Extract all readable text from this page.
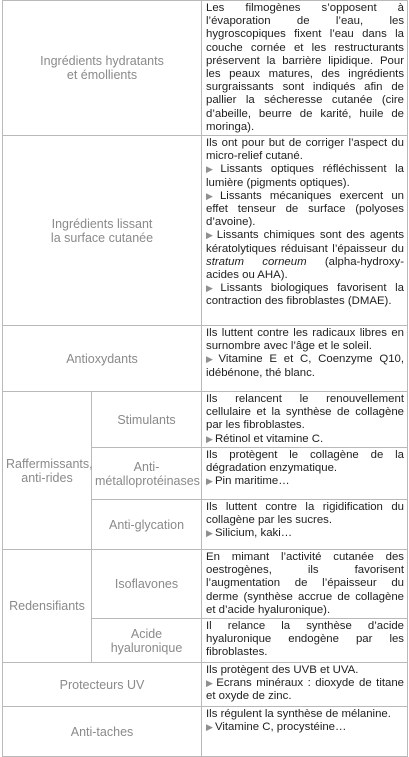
Ingrédients hydratants
et émollients		Les filmogènes s’opposent à l’évaporation de l’eau, les hygroscopiques fixent l’eau dans la couche cornée et les restructurants préservent la barrière lipidique. Pour les peaux matures, des ingrédients surgraissants sont indiqués afin de pallier la sécheresse cutanée (cire d’abeille, beurre de karité, huile de moringa).

Ingrédients lissant
la surface cutanée		Ils ont pour but de corriger l’aspect du micro-relief cutané.
▶ Lissants optiques réfléchissent la lumière (pigments optiques).
▶ Lissants mécaniques exercent un effet tenseur de surface (polyoses d’avoine).
▶ Lissants chimiques sont des agents kératolytiques réduisant l’épaisseur du stratum corneum (alpha-hydroxy-acides ou AHA).
▶ Lissants biologiques favorisent la contraction des fibroblastes (DMAE).

Antioxydants		Ils luttent contre les radicaux libres en surnombre avec l’âge et le soleil.
▶ Vitamine E et C, Coenzyme Q10, idébénone, thé blanc.

Raffermissants,
anti-rides	Stimulants	Ils relancent le renouvellement cellulaire et la synthèse de collagène par les fibroblastes.
▶ Rétinol et vitamine C.

	Anti-
métalloprotéinases	Ils protègent le collagène de la dégradation enzymatique.
▶ Pin maritime…

	Anti-glycation	Ils luttent contre la rigidification du collagène par les sucres.
▶ Silicium, kaki…

Redensifiants	Isoflavones	En mimant l’activité cutanée des oestrogènes, ils favorisent l’augmentation de l’épaisseur du derme (synthèse accrue de collagène et d’acide hyaluronique).

	Acide
hyaluronique	Il relance la synthèse d’acide hyaluronique endogène par les fibroblastes.

Protecteurs UV		Ils protègent des UVB et UVA.
▶ Ecrans minéraux : dioxyde de titane et oxyde de zinc.

Anti-taches		Ils régulent la synthèse de mélanine.
▶ Vitamine C, procystéine…
